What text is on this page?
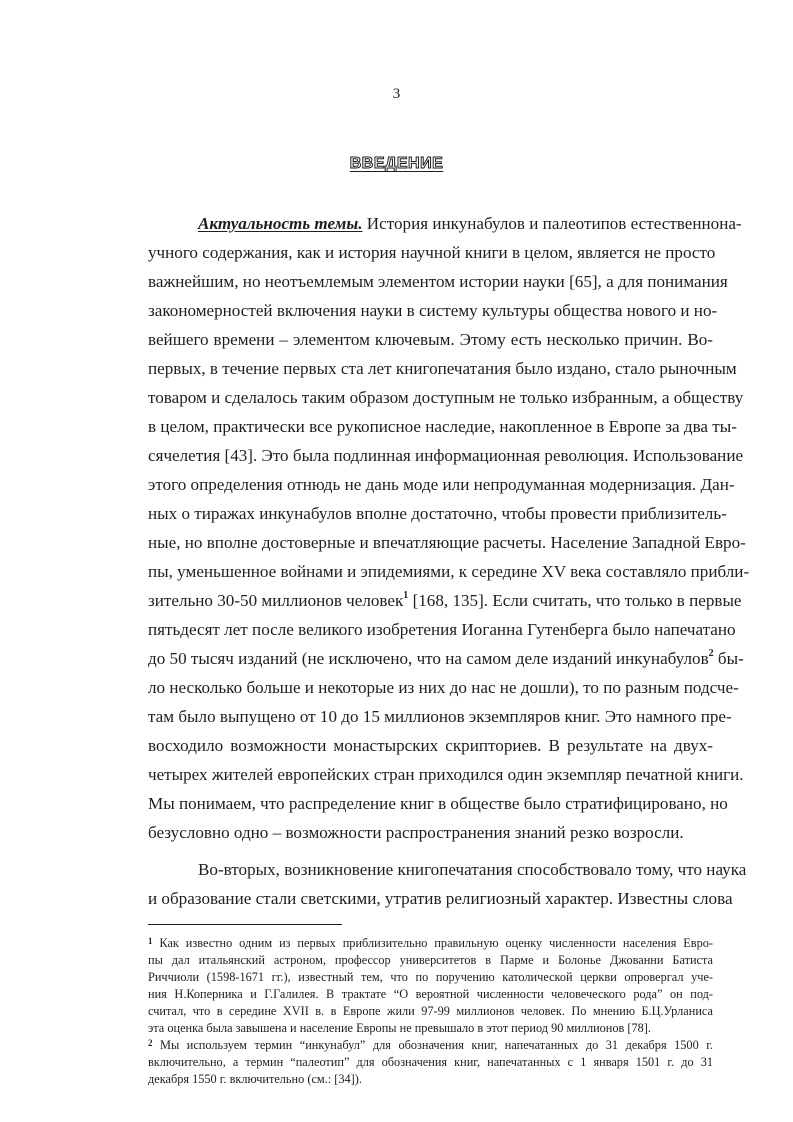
3
ВВЕДЕНИЕ
Актуальность темы. История инкунабулов и палеотипов естественнона-
учного содержания, как и история научной книги в целом, является не просто
важнейшим, но неотъемлемым элементом истории науки [65], а для понимания
закономерностей включения науки в систему культуры общества нового и но-
вейшего времени – элементом ключевым. Этому есть несколько причин. Во-
первых, в течение первых ста лет книгопечатания было издано, стало рыночным
товаром и сделалось таким образом доступным не только избранным, а обществу
в целом, практически все рукописное наследие, накопленное в Европе за два ты-
сячелетия [43]. Это была подлинная информационная революция. Использование
этого определения отнюдь не дань моде или непродуманная модернизация. Дан-
ных о тиражах инкунабулов вполне достаточно, чтобы провести приблизитель-
ные, но вполне достоверные и впечатляющие расчеты. Население Западной Евро-
пы, уменьшенное войнами и эпидемиями, к середине XV века составляло прибли-
зительно 30-50 миллионов человек$^1$ [168, 135]. Если считать, что только в первые
пятьдесят лет после великого изобретения Иоганна Гутенберга было напечатано
до 50 тысяч изданий (не исключено, что на самом деле изданий инкунабулов$^2$ бы-
ло несколько больше и некоторые из них до нас не дошли), то по разным подсче-
там было выпущено от 10 до 15 миллионов экземпляров книг. Это намного пре-
восходило возможности монастырских скрипториев. В результате на двух-
четырех жителей европейских стран приходился один экземпляр печатной книги.
Мы понимаем, что распределение книг в обществе было стратифицировано, но
безусловно одно – возможности распространения знаний резко возросли.
Во-вторых, возникновение книгопечатания способствовало тому, что наука
и образование стали светскими, утратив религиозный характер. Известны слова
$^1$ Как известно одним из первых приблизительно правильную оценку численности населения Евро-
пы дал итальянский астроном, профессор университетов в Парме и Болонье Джованни Батиста
Риччиоли (1598-1671 гг.), известный тем, что по поручению католической церкви опровергал уче-
ния Н.Коперника и Г.Галилея. В трактате “О вероятной численности человеческого рода” он под-
считал, что в середине XVII в. в Европе жили 97-99 миллионов человек. По мнению Б.Ц.Урланиса
эта оценка была завышена и население Европы не превышало в этот период 90 миллионов [78].
$^2$ Мы используем термин “инкунабул” для обозначения книг, напечатанных до 31 декабря 1500 г.
включительно, а термин “палеотип” для обозначения книг, напечатанных с 1 января 1501 г. до 31
декабря 1550 г. включительно (см.: [34]).
